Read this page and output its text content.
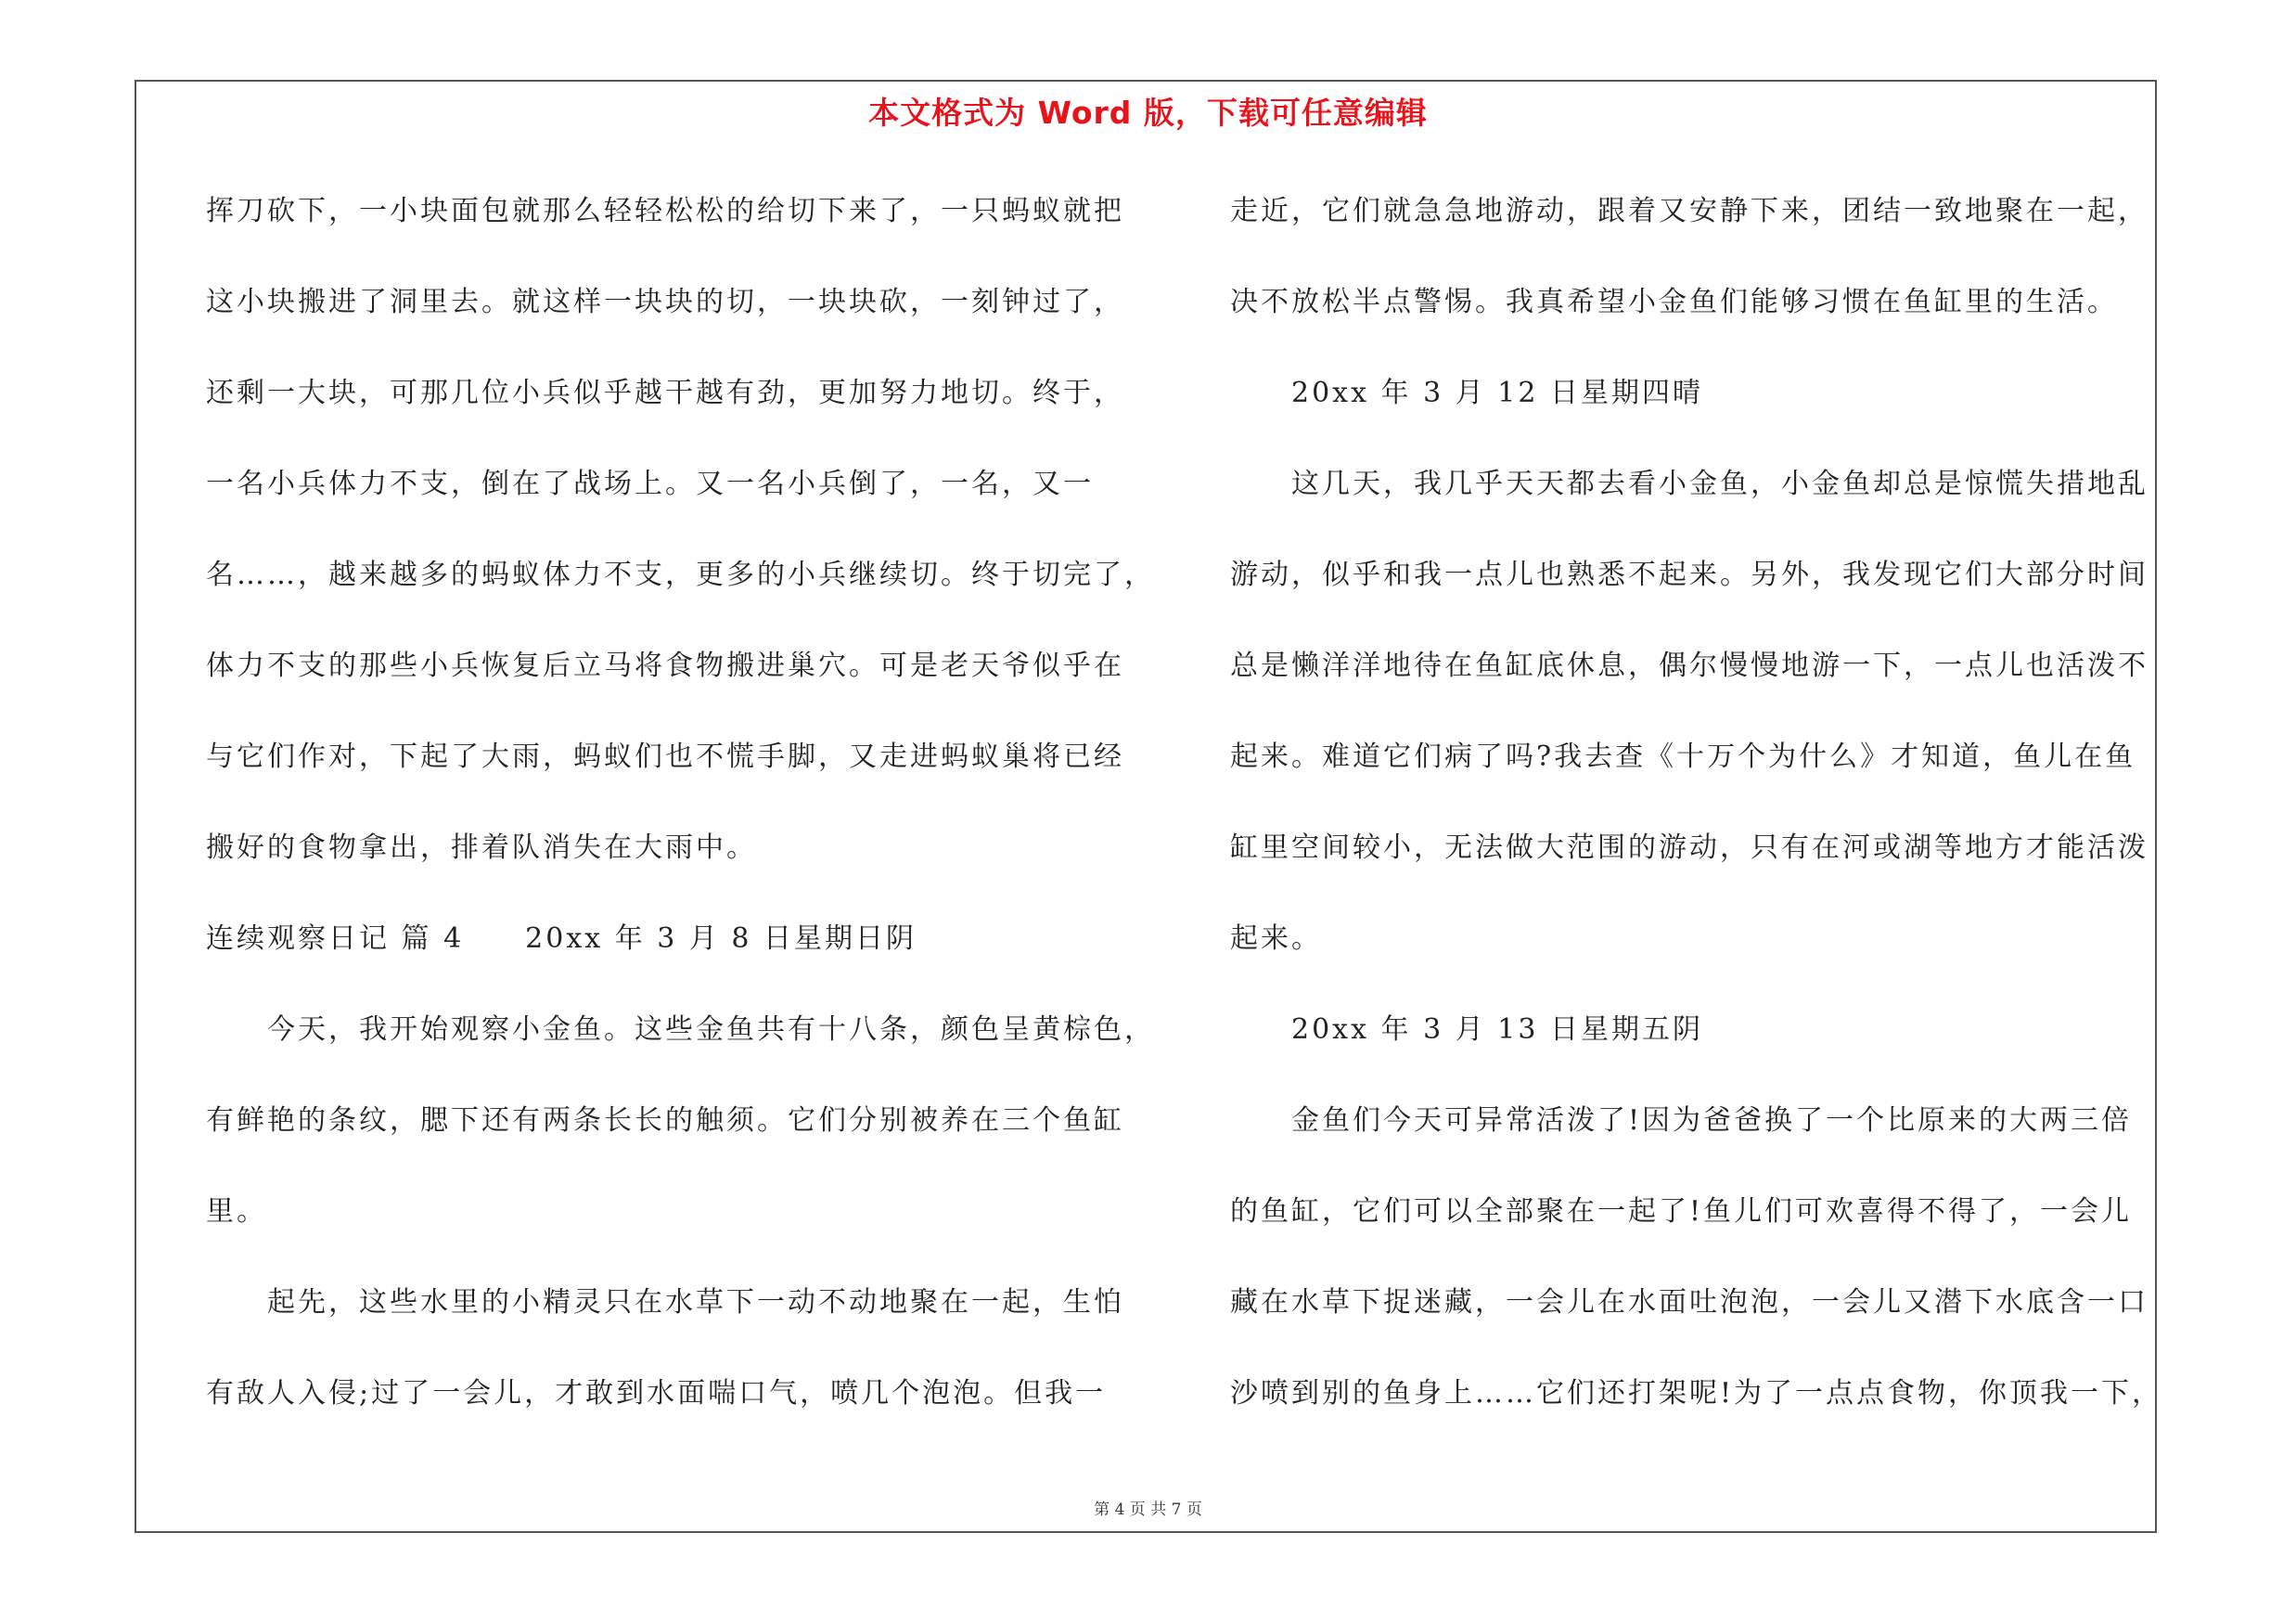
本文格式为 Word 版，下载可任意编辑
挥刀砍下，一小块面包就那么轻轻松松的给切下来了，一只蚂蚁就把
这小块搬进了洞里去。就这样一块块的切，一块块砍，一刻钟过了，
还剩一大块，可那几位小兵似乎越干越有劲，更加努力地切。终于，
一名小兵体力不支，倒在了战场上。又一名小兵倒了，一名，又一
名……，越来越多的蚂蚁体力不支，更多的小兵继续切。终于切完了，
体力不支的那些小兵恢复后立马将食物搬进巢穴。可是老天爷似乎在
与它们作对，下起了大雨，蚂蚁们也不慌手脚，又走进蚂蚁巢将已经
搬好的食物拿出，排着队消失在大雨中。
连续观察日记 篇 4 20xx 年 3 月 8 日星期日阴
今天，我开始观察小金鱼。这些金鱼共有十八条，颜色呈黄棕色，
有鲜艳的条纹，腮下还有两条长长的触须。它们分别被养在三个鱼缸
里。
起先，这些水里的小精灵只在水草下一动不动地聚在一起，生怕
有敌人入侵;过了一会儿，才敢到水面喘口气，喷几个泡泡。但我一
走近，它们就急急地游动，跟着又安静下来，团结一致地聚在一起，
决不放松半点警惕。我真希望小金鱼们能够习惯在鱼缸里的生活。
20xx 年 3 月 12 日星期四晴
这几天，我几乎天天都去看小金鱼，小金鱼却总是惊慌失措地乱
游动，似乎和我一点儿也熟悉不起来。另外，我发现它们大部分时间
总是懒洋洋地待在鱼缸底休息，偶尔慢慢地游一下，一点儿也活泼不
起来。难道它们病了吗?我去查《十万个为什么》才知道，鱼儿在鱼
缸里空间较小，无法做大范围的游动，只有在河或湖等地方才能活泼
起来。
20xx 年 3 月 13 日星期五阴
金鱼们今天可异常活泼了!因为爸爸换了一个比原来的大两三倍
的鱼缸，它们可以全部聚在一起了!鱼儿们可欢喜得不得了，一会儿
藏在水草下捉迷藏，一会儿在水面吐泡泡，一会儿又潜下水底含一口
沙喷到别的鱼身上……它们还打架呢!为了一点点食物，你顶我一下，
第 4 页 共 7 页
